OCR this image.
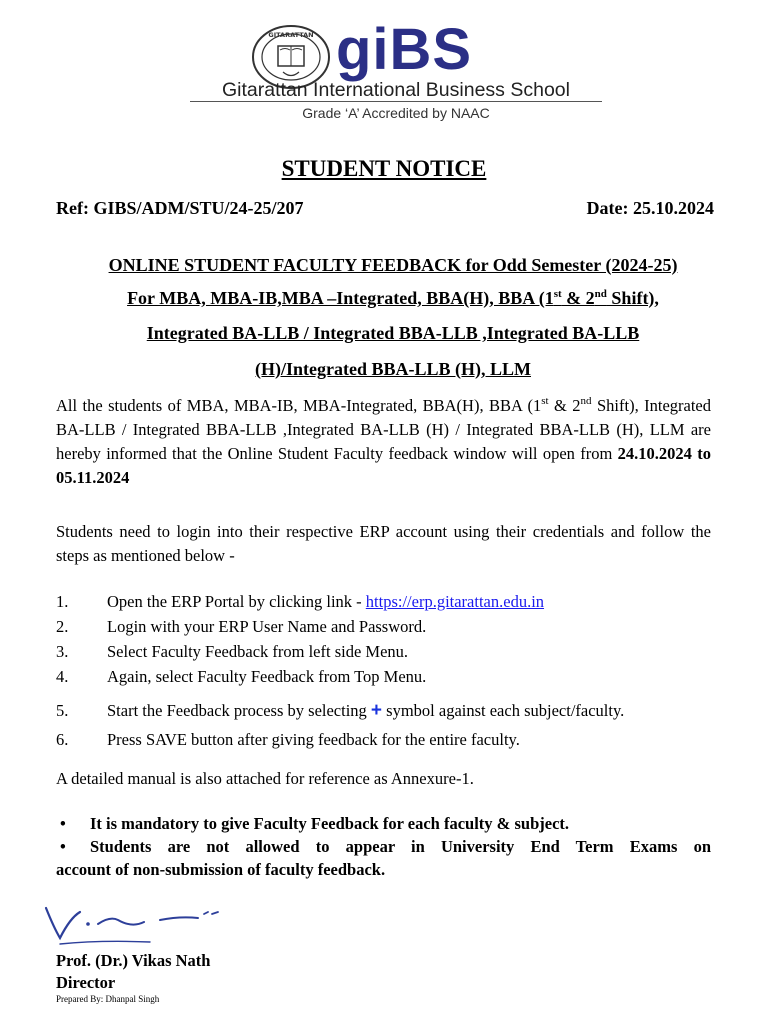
GITARATTAN giBS
Gitarattan International Business School
Grade ‘A’ Accredited by NAAC
STUDENT NOTICE
Ref: GIBS/ADM/STU/24-25/207	Date: 25.10.2024
ONLINE STUDENT FACULTY FEEDBACK for Odd Semester (2024-25)
For MBA, MBA-IB,MBA –Integrated, BBA(H), BBA (1st & 2nd Shift),
Integrated BA-LLB / Integrated BBA-LLB ,Integrated BA-LLB
(H)/Integrated BBA-LLB (H), LLM
All the students of MBA, MBA-IB, MBA-Integrated, BBA(H), BBA (1st & 2nd Shift), Integrated BA-LLB / Integrated BBA-LLB ,Integrated BA-LLB (H) / Integrated BBA-LLB (H), LLM are hereby informed that the Online Student Faculty feedback window will open from 24.10.2024 to 05.11.2024
Students need to login into their respective ERP account using their credentials and follow the steps as mentioned below -
1. Open the ERP Portal by clicking link - https://erp.gitarattan.edu.in
2. Login with your ERP User Name and Password.
3. Select Faculty Feedback from left side Menu.
4. Again, select Faculty Feedback from Top Menu.
5. Start the Feedback process by selecting + symbol against each subject/faculty.
6. Press SAVE button after giving feedback for the entire faculty.
A detailed manual is also attached for reference as Annexure-1.
• It is mandatory to give Faculty Feedback for each faculty & subject.
• Students are not allowed to appear in University End Term Exams on
account of non-submission of faculty feedback.
Prof. (Dr.) Vikas Nath
Director
Prepared By: Dhanpal Singh
